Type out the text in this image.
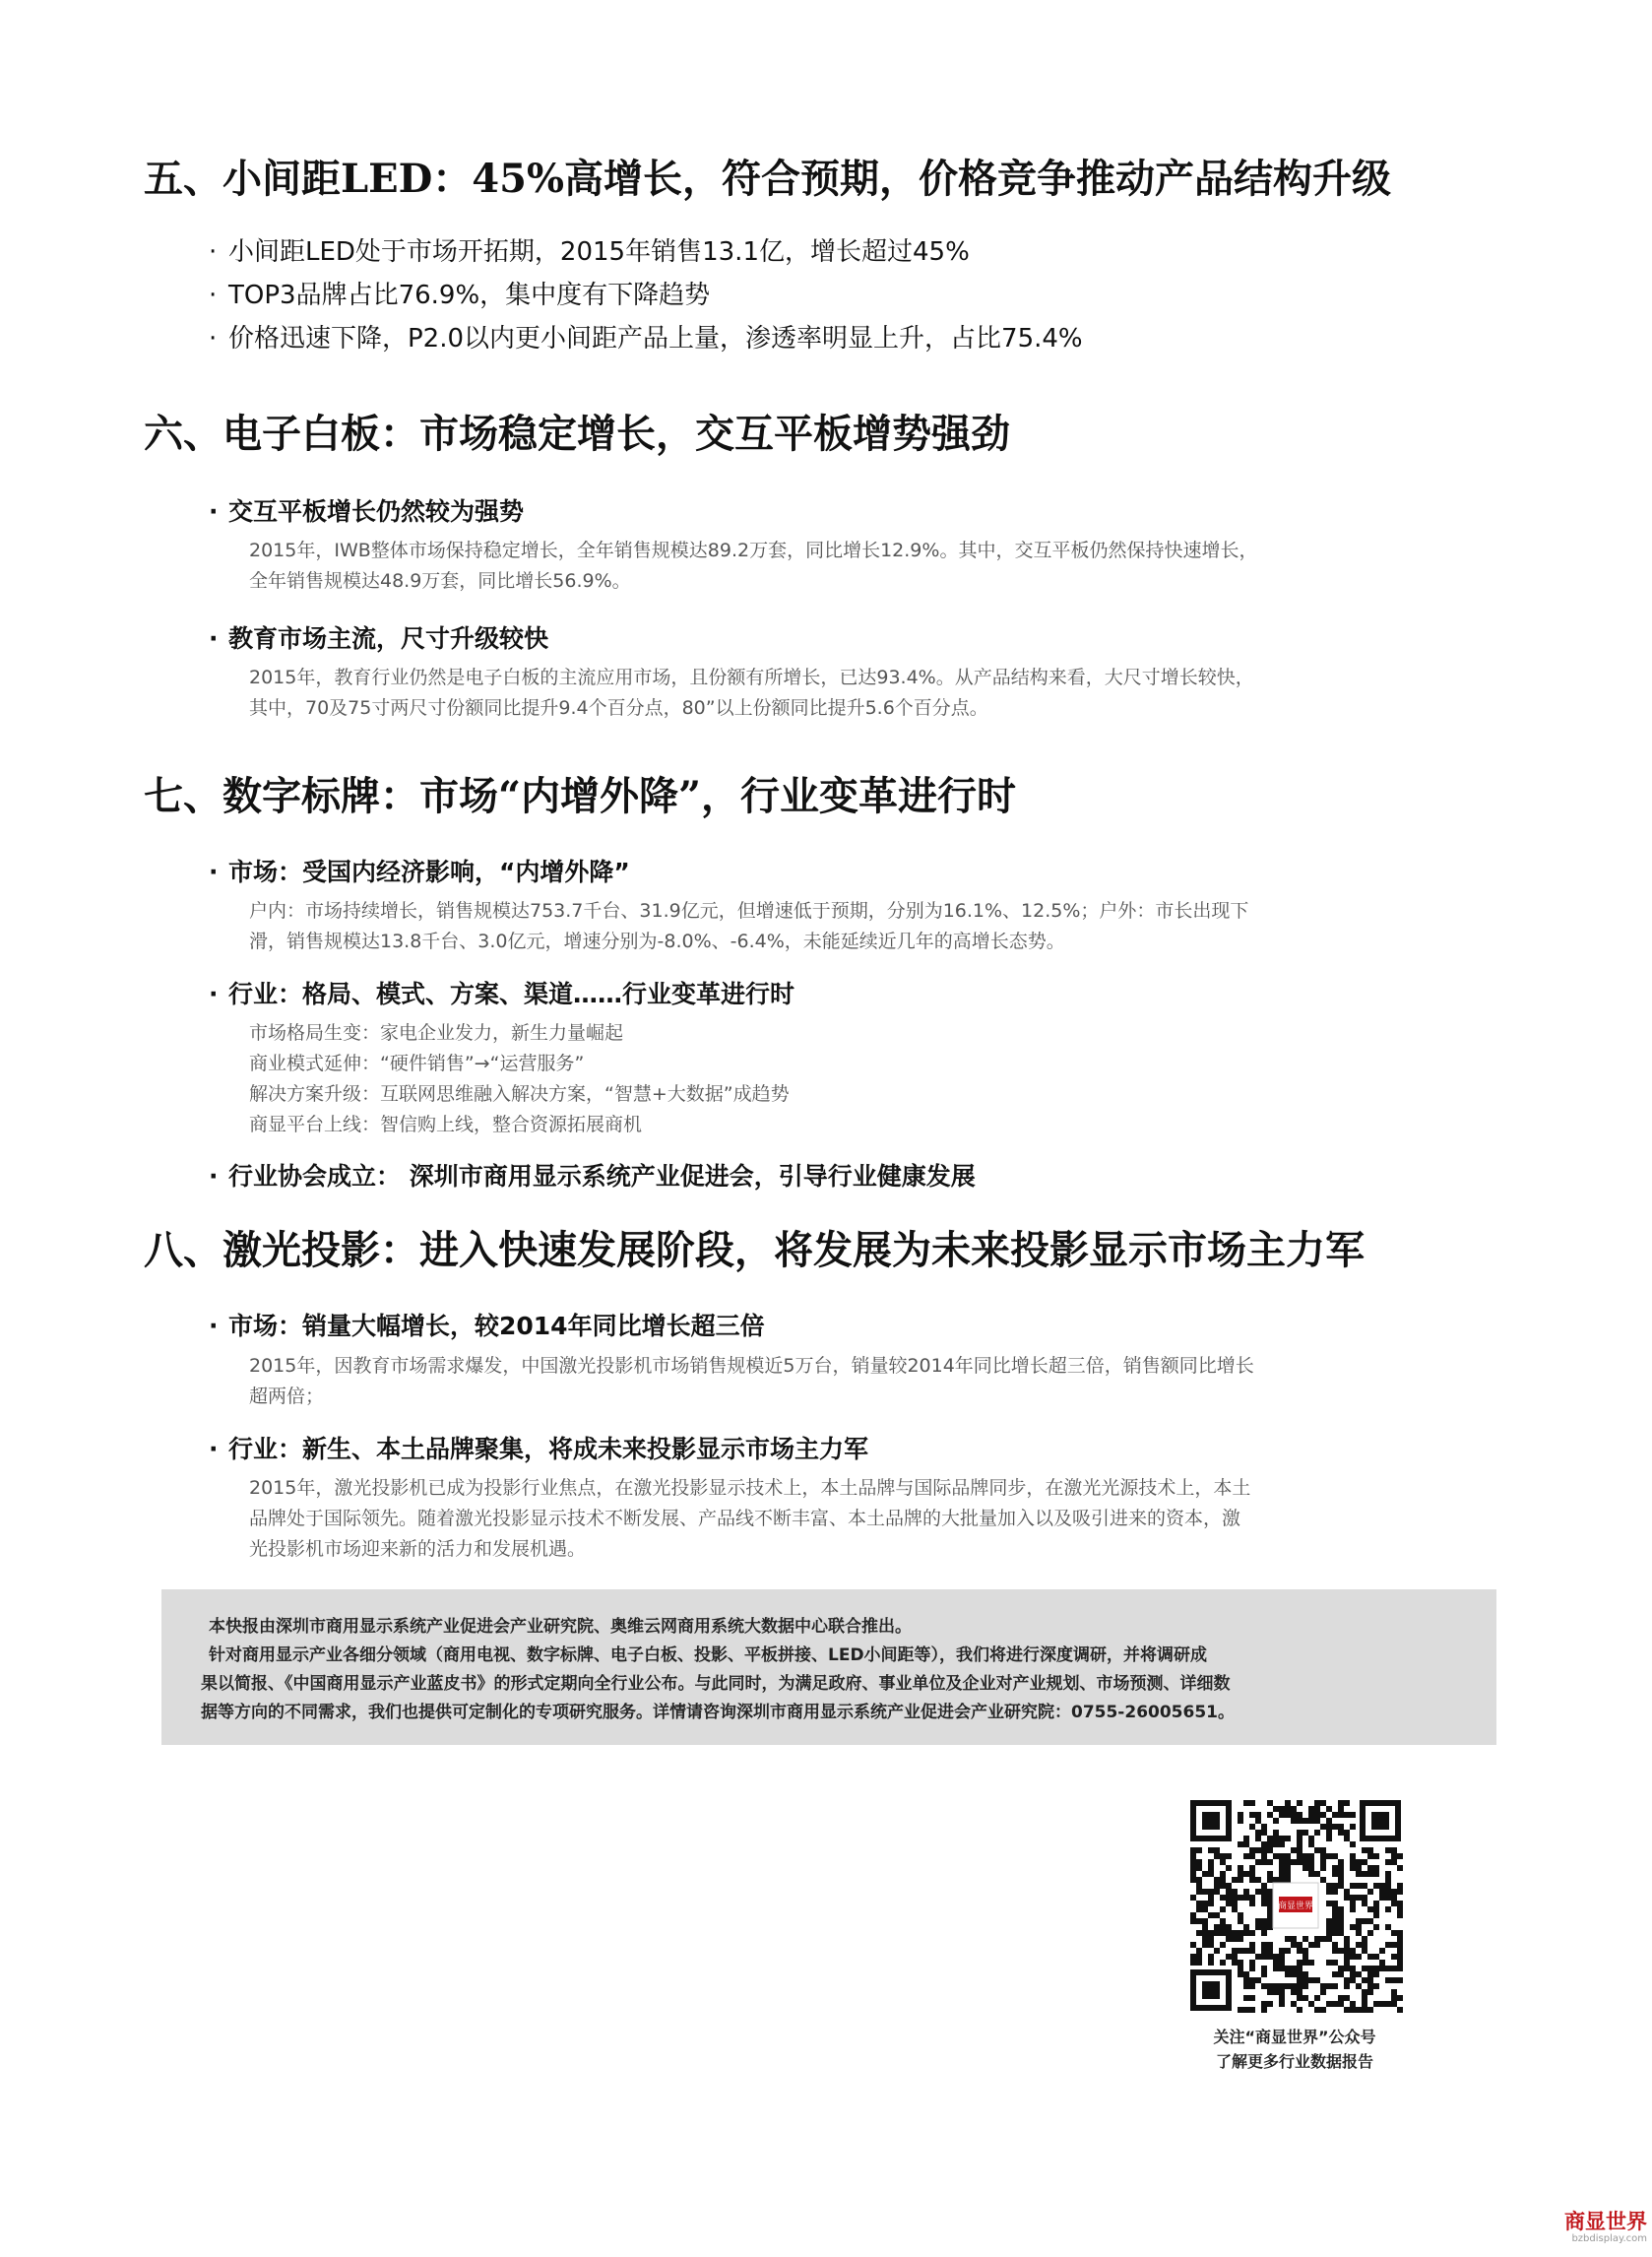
五、小间距LED：45%高增长，符合预期，价格竞争推动产品结构升级

· 小间距LED处于市场开拓期，2015年销售13.1亿，增长超过45%

· TOP3品牌占比76.9%，集中度有下降趋势

· 价格迅速下降，P2.0以内更小间距产品上量，渗透率明显上升，占比75.4%

六、电子白板：市场稳定增长，交互平板增势强劲

· 交互平板增长仍然较为强势

2015年，IWB整体市场保持稳定增长，全年销售规模达89.2万套，同比增长12.9%。其中，交互平板仍然保持快速增长，
全年销售规模达48.9万套，同比增长56.9%。

· 教育市场主流，尺寸升级较快

2015年，教育行业仍然是电子白板的主流应用市场，且份额有所增长，已达93.4%。从产品结构来看，大尺寸增长较快，
其中，70及75寸两尺寸份额同比提升9.4个百分点，80”以上份额同比提升5.6个百分点。
七、数字标牌：市场“内增外降”，行业变革进行时

· 市场：受国内经济影响，“内增外降”

户内：市场持续增长，销售规模达753.7千台、31.9亿元，但增速低于预期，分别为16.1%、12.5%；户外：市长出现下
滑，销售规模达13.8千台、3.0亿元，增速分别为-8.0%、-6.4%，未能延续近几年的高增长态势。

· 行业：格局、模式、方案、渠道……行业变革进行时

市场格局生变：家电企业发力，新生力量崛起
商业模式延伸：“硬件销售”→“运营服务”
解决方案升级：互联网思维融入解决方案，“智慧+大数据”成趋势
商显平台上线：智信购上线，整合资源拓展商机

· 行业协会成立： 深圳市商用显示系统产业促进会，引导行业健康发展

八、激光投影：进入快速发展阶段，将发展为未来投影显示市场主力军

· 市场：销量大幅增长，较2014年同比增长超三倍

2015年，因教育市场需求爆发，中国激光投影机市场销售规模近5万台，销量较2014年同比增长超三倍，销售额同比增长
超两倍；

· 行业：新生、本土品牌聚集，将成未来投影显示市场主力军

2015年，激光投影机已成为投影行业焦点，在激光投影显示技术上，本土品牌与国际品牌同步，在激光光源技术上，本土
品牌处于国际领先。随着激光投影显示技术不断发展、产品线不断丰富、本土品牌的大批量加入以及吸引进来的资本，激
光投影机市场迎来新的活力和发展机遇。

本快报由深圳市商用显示系统产业促进会产业研究院、奥维云网商用系统大数据中心联合推出。

针对商用显示产业各细分领域（商用电视、数字标牌、电子白板、投影、平板拼接、LED小间距等），我们将进行深度调研，并将调研成

果以简报、《中国商用显示产业蓝皮书》的形式定期向全行业公布。与此同时，为满足政府、事业单位及企业对产业规划、市场预测、详细数

据等方向的不同需求，我们也提供可定制化的专项研究服务。详情请咨询深圳市商用显示系统产业促进会产业研究院：0755-26005651。

商显世界
关注“商显世界”公众号
了解更多行业数据报告
商显世界
bzbdisplay.com
